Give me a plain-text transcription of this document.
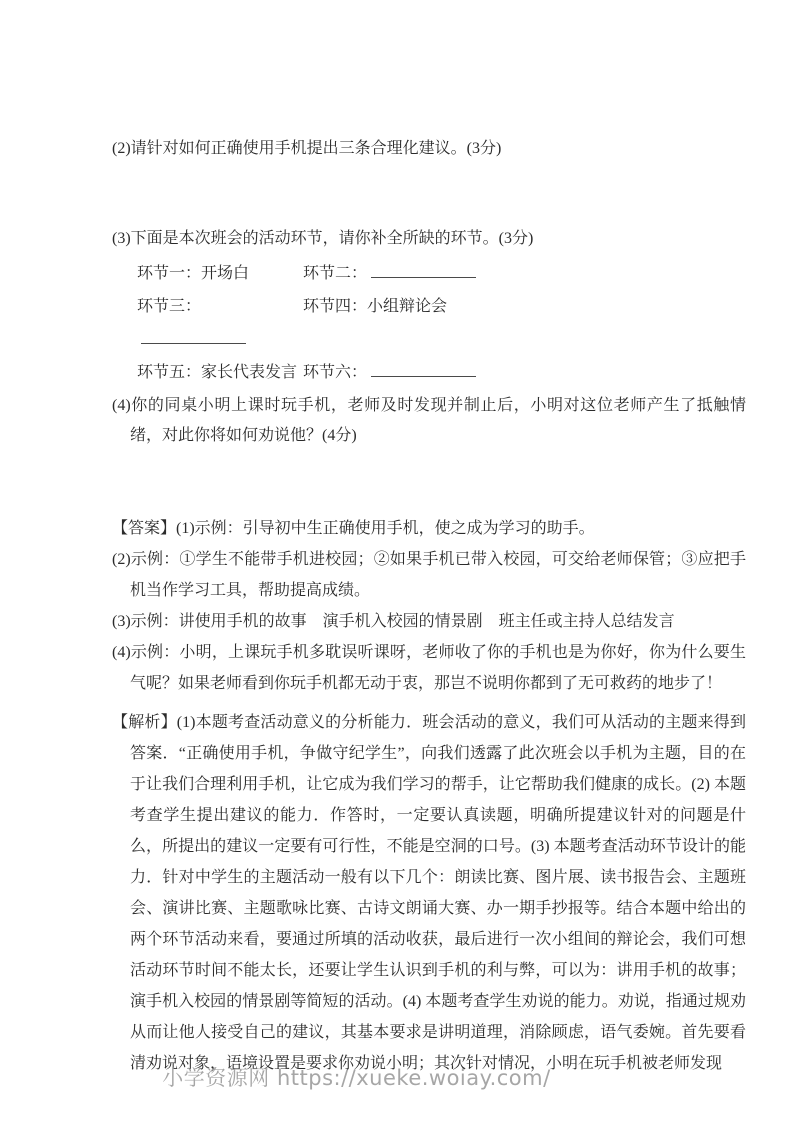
(2)请针对如何正确使用手机提出三条合理化建议。(3分)
(3)下面是本次班会的活动环节，请你补全所缺的环节。(3分)
环节一：开场白	环节二：
环节三：	环节四：小组辩论会
环节五：家长代表发言 环节六：
(4)你的同桌小明上课时玩手机，老师及时发现并制止后，小明对这位老师产生了抵触情绪，对此你将如何劝说他？(4分)

【答案】(1)示例：引导初中生正确使用手机，使之成为学习的助手。

(2)示例：①学生不能带手机进校园；②如果手机已带入校园，可交给老师保管；③应把手机当作学习工具，帮助提高成绩。

(3)示例：讲使用手机的故事　演手机入校园的情景剧　班主任或主持人总结发言

(4)示例：小明，上课玩手机多耽误听课呀，老师收了你的手机也是为你好，你为什么要生气呢？如果老师看到你玩手机都无动于衷，那岂不说明你都到了无可救药的地步了！

【解析】(1)本题考查活动意义的分析能力．班会活动的意义，我们可从活动的主题来得到答案．“正确使用手机，争做守纪学生”，向我们透露了此次班会以手机为主题，目的在于让我们合理利用手机，让它成为我们学习的帮手，让它帮助我们健康的成长。(2) 本题考查学生提出建议的能力．作答时，一定要认真读题，明确所提建议针对的问题是什么，所提出的建议一定要有可行性，不能是空洞的口号。(3) 本题考查活动环节设计的能力．针对中学生的主题活动一般有以下几个：朗读比赛、图片展、读书报告会、主题班会、演讲比赛、主题歌咏比赛、古诗文朗诵大赛、办一期手抄报等。结合本题中给出的两个环节活动来看，要通过所填的活动收获，最后进行一次小组间的辩论会，我们可想活动环节时间不能太长，还要让学生认识到手机的利与弊，可以为：讲用手机的故事；演手机入校园的情景剧等简短的活动。(4) 本题考查学生劝说的能力。劝说，指通过规劝从而让他人接受自己的建议，其基本要求是讲明道理，消除顾虑，语气委婉。首先要看清劝说对象，语境设置是要求你劝说小明；其次针对情况，小明在玩手机被老师发现
小学资源网 https://xueke.woiay.com/
